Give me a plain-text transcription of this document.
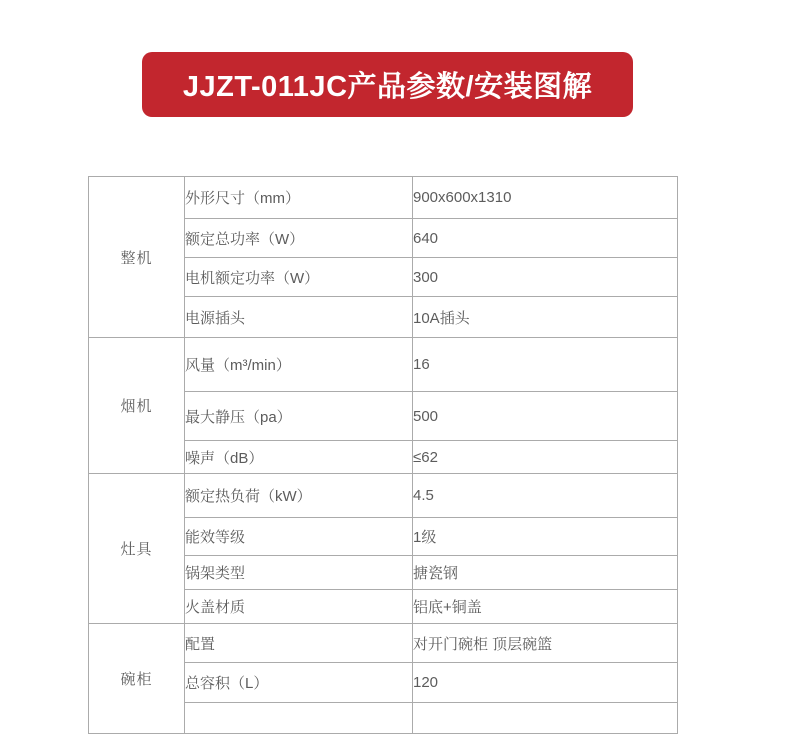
JJZT-011JC产品参数/安装图解
整机	外形尺寸（mm）	900x600x1310
	额定总功率（W）	640
	电机额定功率（W）	300
	电源插头	10A插头
烟机	风量（m³/min）	16
	最大静压（pa）	500
	噪声（dB）	≤62
灶具	额定热负荷（kW）	4.5
	能效等级	1级
	锅架类型	搪瓷钢
	火盖材质	铝底+铜盖
碗柜	配置	对开门碗柜 顶层碗篮
	总容积（L）	120
